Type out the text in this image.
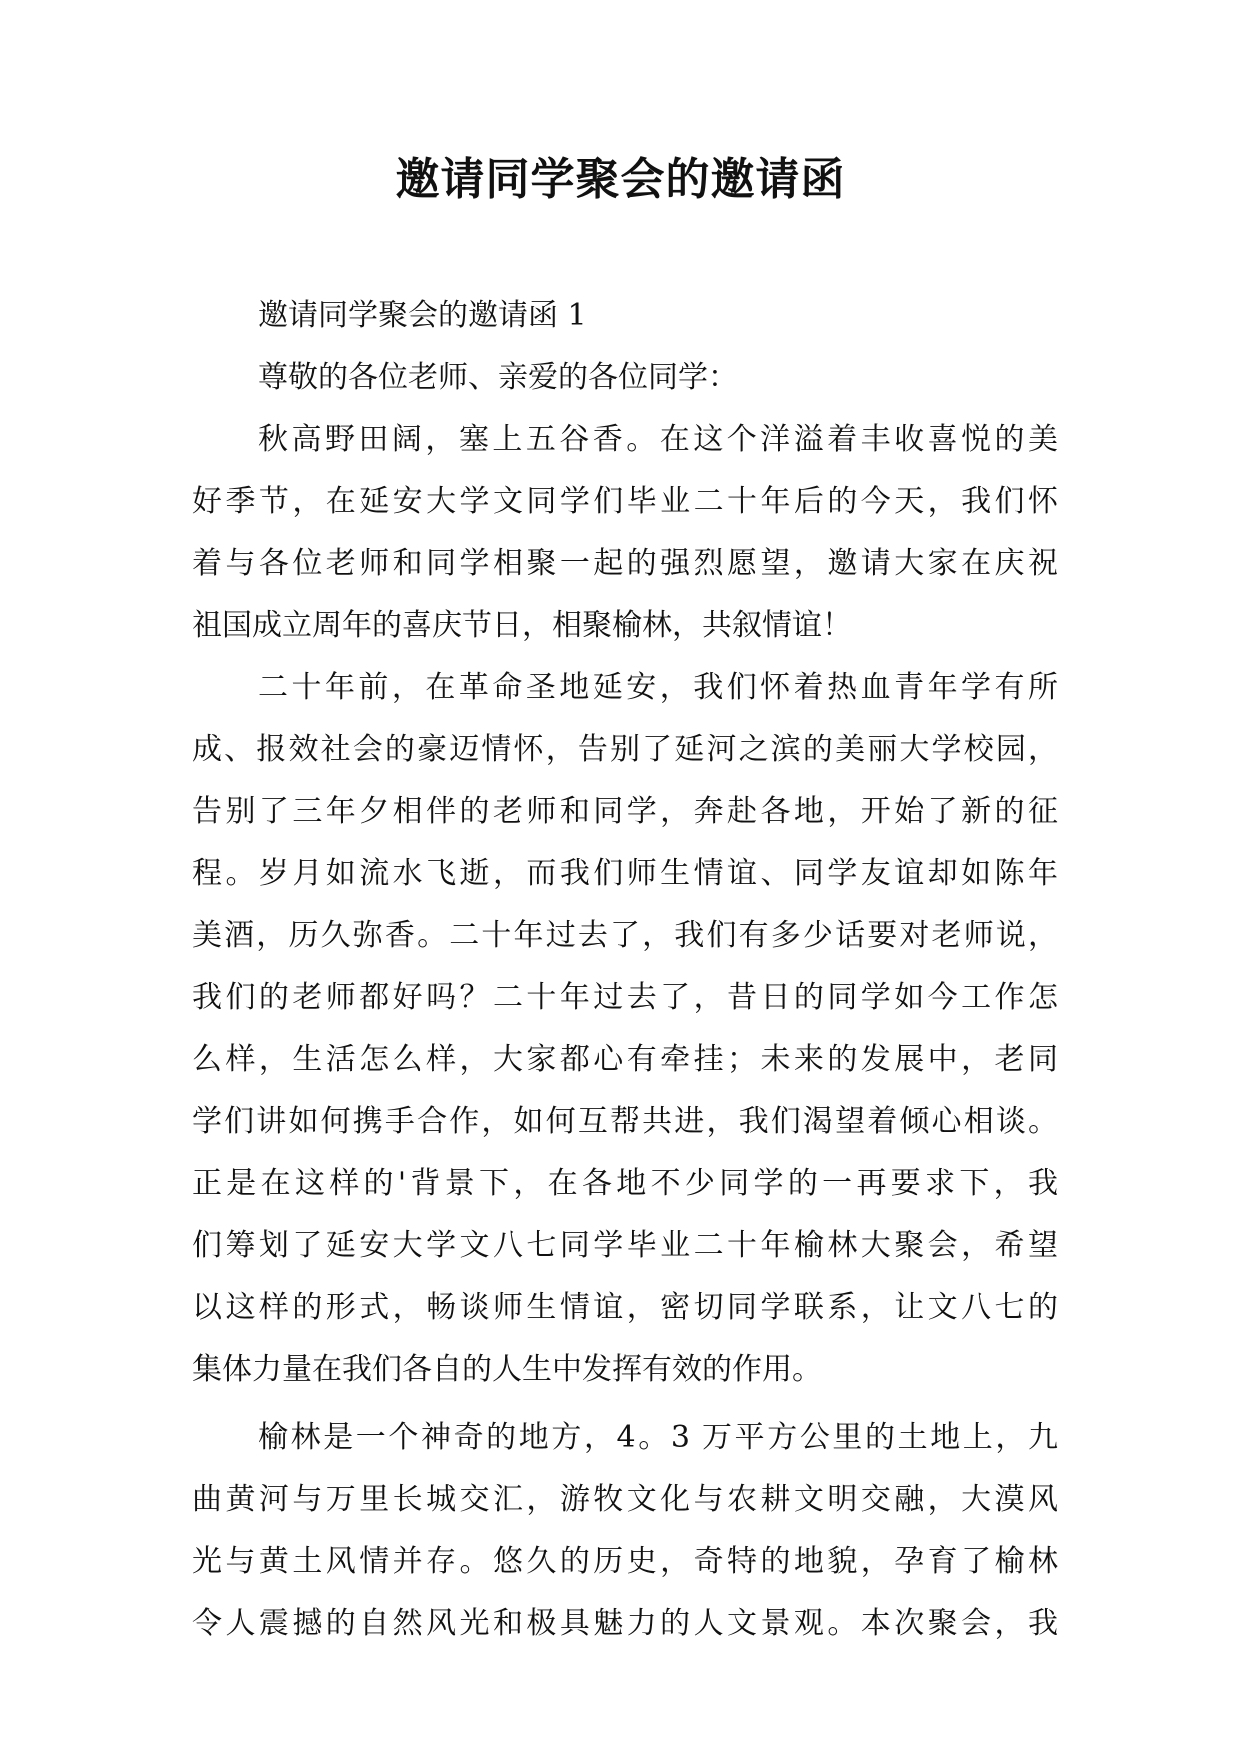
邀请同学聚会的邀请函
邀请同学聚会的邀请函 1
尊敬的各位老师、亲爱的各位同学：
秋高野田阔，塞上五谷香。在这个洋溢着丰收喜悦的美
好季节，在延安大学文同学们毕业二十年后的今天，我们怀
着与各位老师和同学相聚一起的强烈愿望，邀请大家在庆祝
祖国成立周年的喜庆节日，相聚榆林，共叙情谊！
二十年前，在革命圣地延安，我们怀着热血青年学有所
成、报效社会的豪迈情怀，告别了延河之滨的美丽大学校园，
告别了三年夕相伴的老师和同学，奔赴各地，开始了新的征
程。岁月如流水飞逝，而我们师生情谊、同学友谊却如陈年
美酒，历久弥香。二十年过去了，我们有多少话要对老师说，
我们的老师都好吗？二十年过去了，昔日的同学如今工作怎
么样，生活怎么样，大家都心有牵挂；未来的发展中，老同
学们讲如何携手合作，如何互帮共进，我们渴望着倾心相谈。
正是在这样的'背景下，在各地不少同学的一再要求下，我
们筹划了延安大学文八七同学毕业二十年榆林大聚会，希望
以这样的形式，畅谈师生情谊，密切同学联系，让文八七的
集体力量在我们各自的人生中发挥有效的作用。
榆林是一个神奇的地方，4。3 万平方公里的土地上，九
曲黄河与万里长城交汇，游牧文化与农耕文明交融，大漠风
光与黄土风情并存。悠久的历史，奇特的地貌，孕育了榆林
令人震撼的自然风光和极具魅力的人文景观。本次聚会，我
